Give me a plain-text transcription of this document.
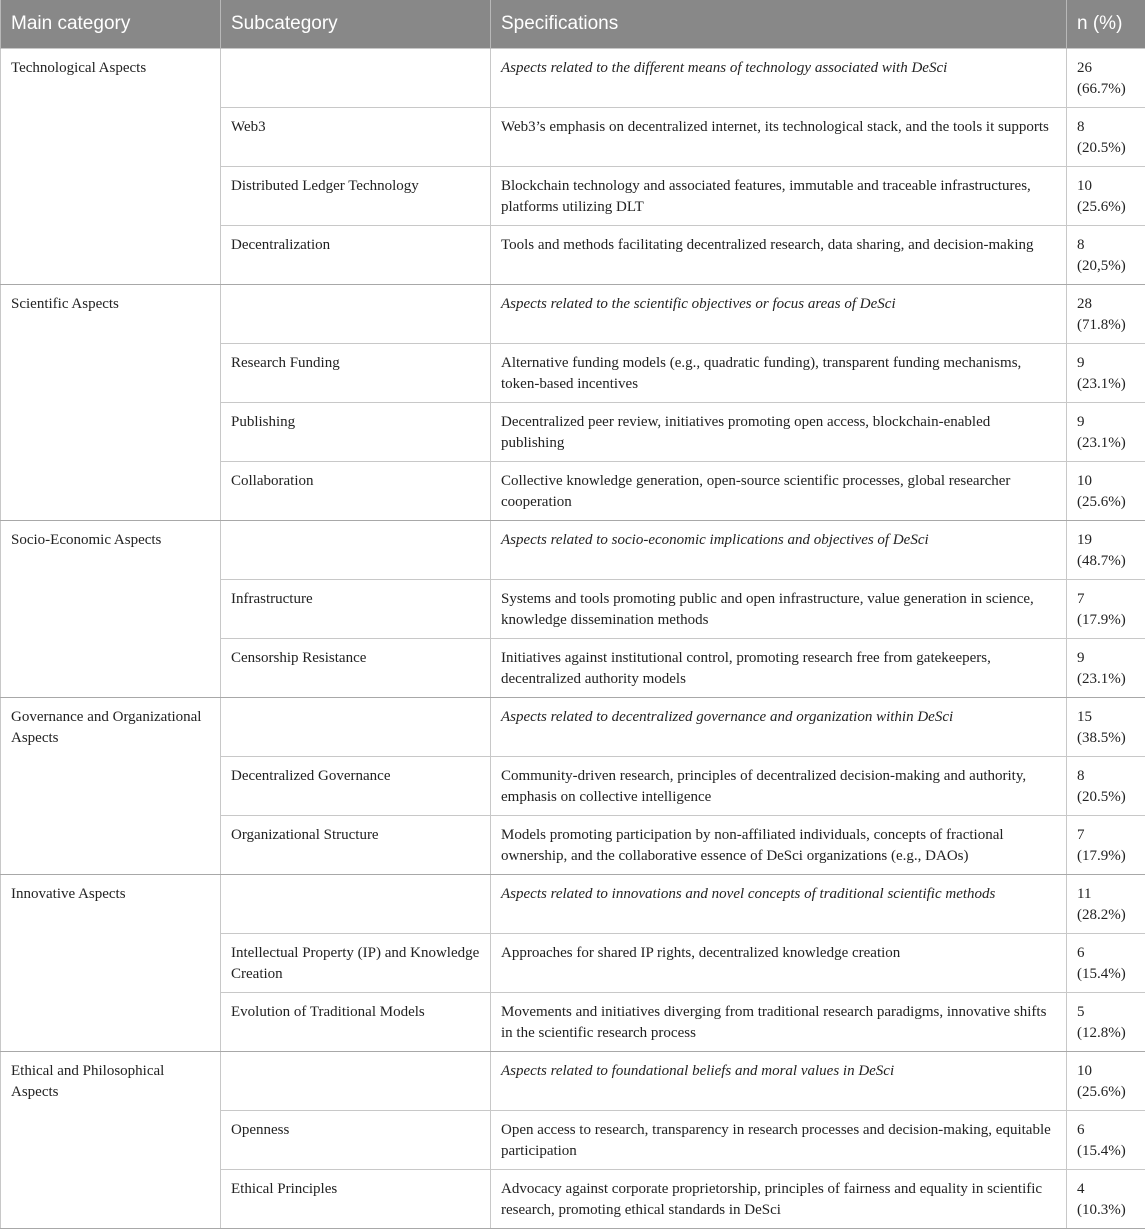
Main category	Subcategory	Specifications	n (%)
Technological Aspects		Aspects related to the different means of technology associated with DeSci	26
(66.7%)

	Web3	Web3’s emphasis on decentralized internet, its technological stack, and the tools it supports	8
(20.5%)

	Distributed Ledger Technology	Blockchain technology and associated features, immutable and traceable infrastructures, platforms utilizing DLT	10
(25.6%)

	Decentralization	Tools and methods facilitating decentralized research, data sharing, and decision-making	8
(20,5%)

Scientific Aspects		Aspects related to the scientific objectives or focus areas of DeSci	28
(71.8%)

	Research Funding	Alternative funding models (e.g., quadratic funding), transparent funding mechanisms, token-based incentives	9
(23.1%)

	Publishing	Decentralized peer review, initiatives promoting open access, blockchain-enabled publishing	9
(23.1%)

	Collaboration	Collective knowledge generation, open-source scientific processes, global researcher cooperation	10
(25.6%)

Socio-Economic Aspects		Aspects related to socio-economic implications and objectives of DeSci	19
(48.7%)

	Infrastructure	Systems and tools promoting public and open infrastructure, value generation in science, knowledge dissemination methods	7
(17.9%)

	Censorship Resistance	Initiatives against institutional control, promoting research free from gatekeepers, decentralized authority models	9
(23.1%)

Governance and Organizational Aspects		Aspects related to decentralized governance and organization within DeSci	15
(38.5%)

	Decentralized Governance	Community-driven research, principles of decentralized decision-making and authority, emphasis on collective intelligence	8
(20.5%)

	Organizational Structure	Models promoting participation by non-affiliated individuals, concepts of fractional ownership, and the collaborative essence of DeSci organizations (e.g., DAOs)	7
(17.9%)

Innovative Aspects		Aspects related to innovations and novel concepts of traditional scientific methods	11
(28.2%)

	Intellectual Property (IP) and Knowledge Creation	Approaches for shared IP rights, decentralized knowledge creation	6
(15.4%)

	Evolution of Traditional Models	Movements and initiatives diverging from traditional research paradigms, innovative shifts in the scientific research process	5
(12.8%)

Ethical and Philosophical Aspects		Aspects related to foundational beliefs and moral values in DeSci	10
(25.6%)

	Openness	Open access to research, transparency in research processes and decision-making, equitable participation	6
(15.4%)

	Ethical Principles	Advocacy against corporate proprietorship, principles of fairness and equality in scientific research, promoting ethical standards in DeSci	4
(10.3%)
